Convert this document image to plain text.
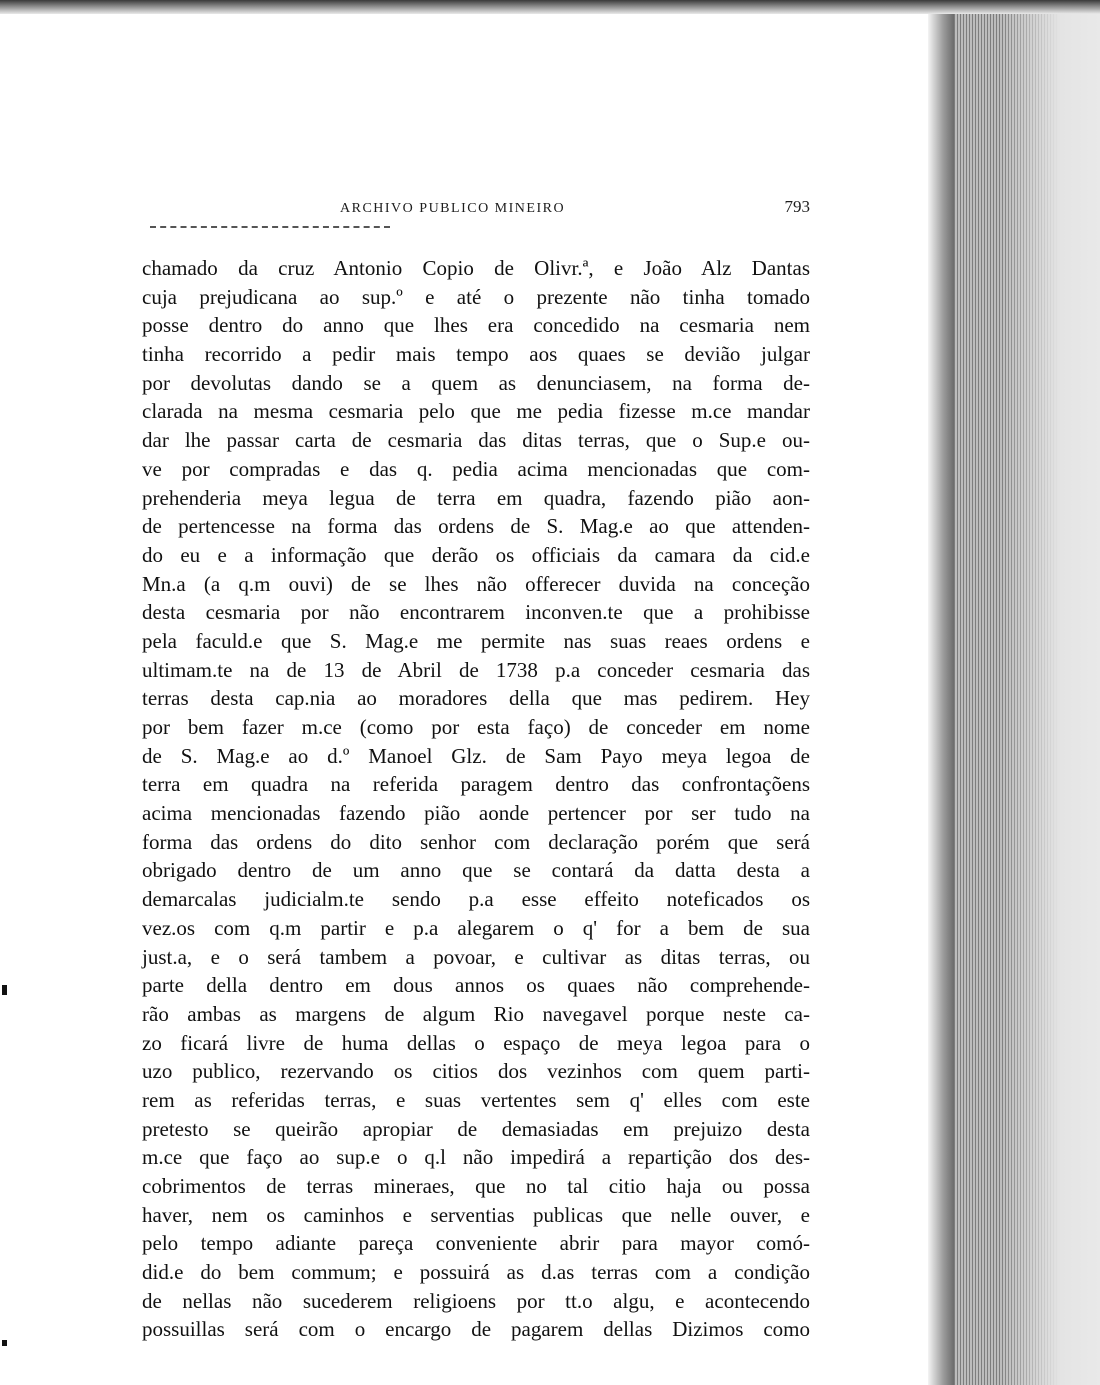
ARCHIVO PUBLICO MINEIRO	793
chamado da cruz Antonio Copio de Olivr.ª, e João Alz Dantas
cuja prejudicana ao sup.º e até o prezente não tinha tomado
posse dentro do anno que lhes era concedido na cesmaria nem
tinha recorrido a pedir mais tempo aos quaes se devião julgar
por devolutas dando se a quem as denunciasem, na forma de-
clarada na mesma cesmaria pelo que me pedia fizesse m.ce mandar
dar lhe passar carta de cesmaria das ditas terras, que o Sup.e ou-
ve por compradas e das q. pedia acima mencionadas que com-
prehenderia meya legua de terra em quadra, fazendo pião aon-
de pertencesse na forma das ordens de S. Mag.e ao que attenden-
do eu e a informação que derão os officiais da camara da cid.e
Mn.a (a q.m ouvi) de se lhes não offerecer duvida na conceção
desta cesmaria por não encontrarem inconven.te que a prohibisse
pela faculd.e que S. Mag.e me permite nas suas reaes ordens e
ultimam.te na de 13 de Abril de 1738 p.a conceder cesmaria das
terras desta cap.nia ao moradores della que mas pedirem. Hey
por bem fazer m.ce (como por esta faço) de conceder em nome
de S. Mag.e ao d.º Manoel Glz. de Sam Payo meya legoa de
terra em quadra na referida paragem dentro das confrontaçõens
acima mencionadas fazendo pião aonde pertencer por ser tudo na
forma das ordens do dito senhor com declaração porém que será
obrigado dentro de um anno que se contará da datta desta a
demarcalas judicialm.te sendo p.a esse effeito noteficados os
vez.os com q.m partir e p.a alegarem o q' for a bem de sua
just.a, e o será tambem a povoar, e cultivar as ditas terras, ou
parte della dentro em dous annos os quaes não comprehende-
rão ambas as margens de algum Rio navegavel porque neste ca-
zo ficará livre de huma dellas o espaço de meya legoa para o
uzo publico, rezervando os citios dos vezinhos com quem parti-
rem as referidas terras, e suas vertentes sem q' elles com este
pretesto se queirão apropiar de demasiadas em prejuizo desta
m.ce que faço ao sup.e o q.l não impedirá a repartição dos des-
cobrimentos de terras mineraes, que no tal citio haja ou possa
haver, nem os caminhos e serventias publicas que nelle ouver, e
pelo tempo adiante pareça conveniente abrir para mayor comó-
did.e do bem commum; e possuirá as d.as terras com a condição
de nellas não sucederem religioens por tt.o algu, e acontecendo
possuillas será com o encargo de pagarem dellas Dizimos como
